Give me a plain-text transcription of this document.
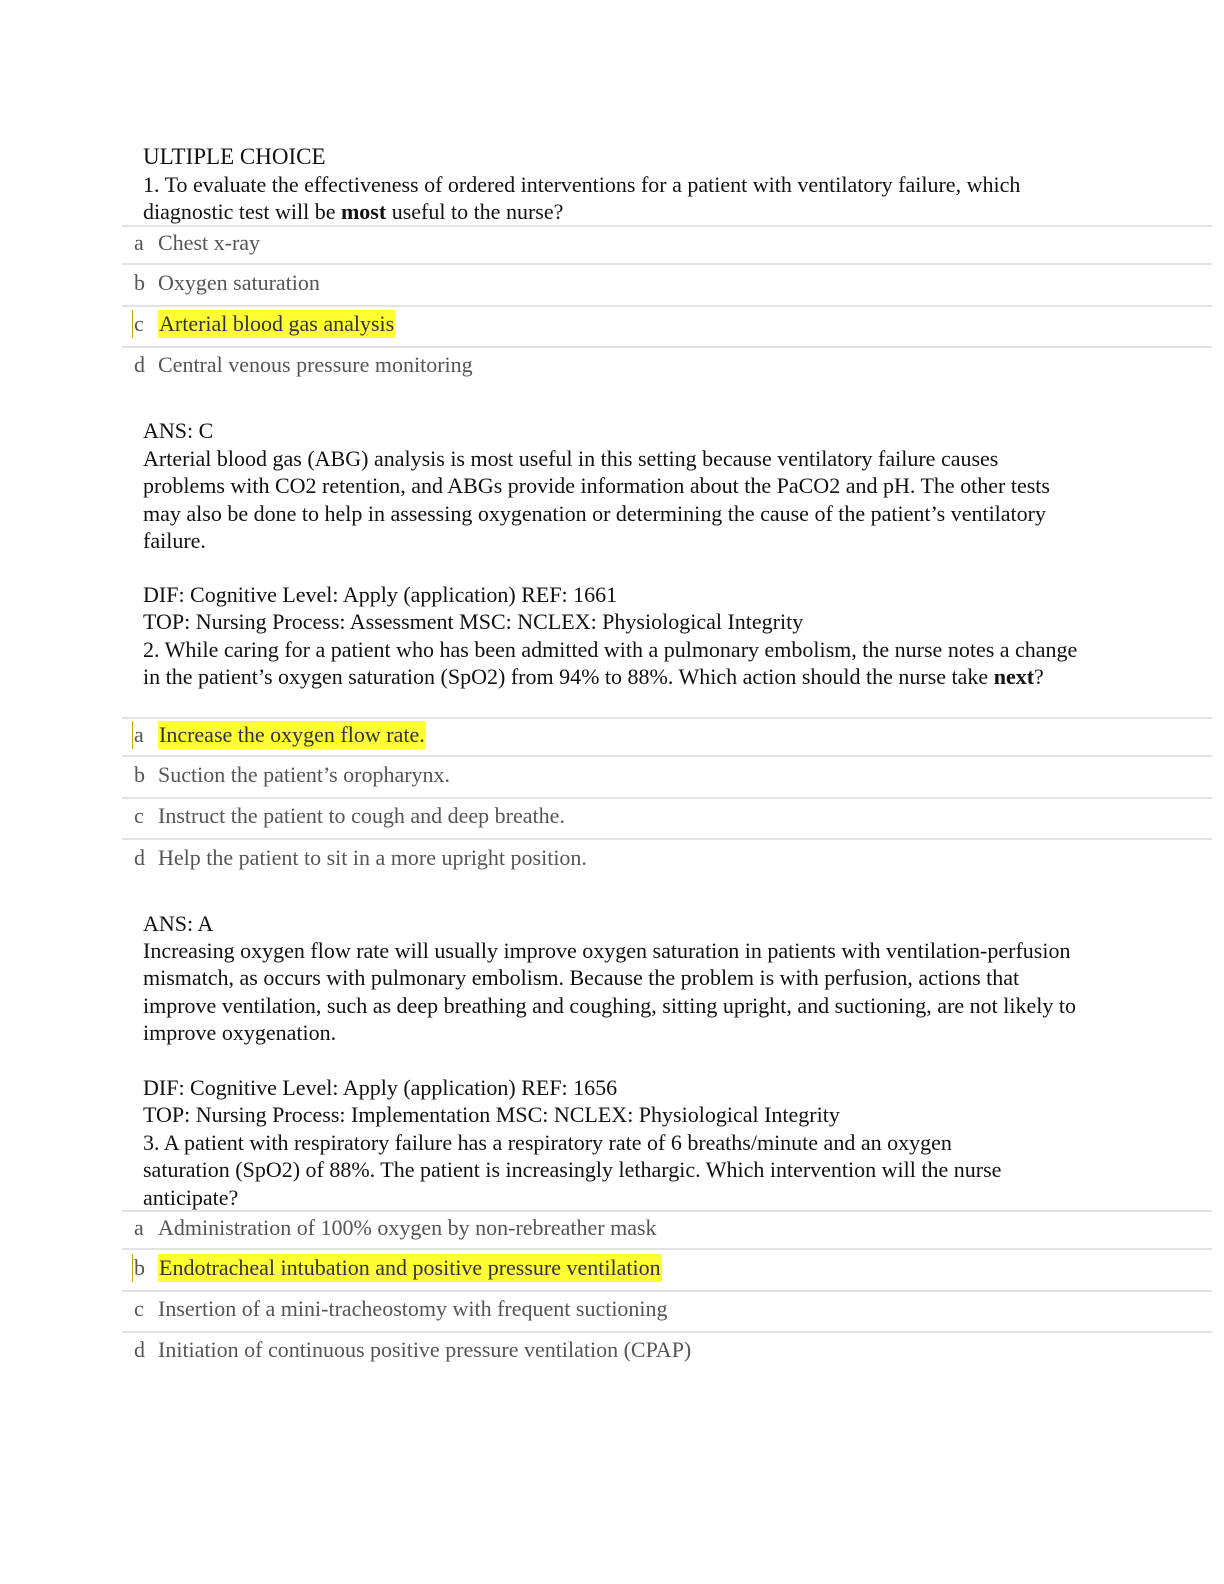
ULTIPLE CHOICE
1. To evaluate the effectiveness of ordered interventions for a patient with ventilatory failure, which diagnostic test will be most useful to the nurse?
a Chest x-ray
b Oxygen saturation
c Arterial blood gas analysis
d Central venous pressure monitoring
ANS: C
Arterial blood gas (ABG) analysis is most useful in this setting because ventilatory failure causes problems with CO2 retention, and ABGs provide information about the PaCO2 and pH. The other tests may also be done to help in assessing oxygenation or determining the cause of the patient’s ventilatory failure.
DIF: Cognitive Level: Apply (application) REF: 1661
TOP: Nursing Process: Assessment MSC: NCLEX: Physiological Integrity
2. While caring for a patient who has been admitted with a pulmonary embolism, the nurse notes a change in the patient’s oxygen saturation (SpO2) from 94% to 88%. Which action should the nurse take next?
a Increase the oxygen flow rate.
b Suction the patient’s oropharynx.
c Instruct the patient to cough and deep breathe.
d Help the patient to sit in a more upright position.
ANS: A
Increasing oxygen flow rate will usually improve oxygen saturation in patients with ventilation-perfusion mismatch, as occurs with pulmonary embolism. Because the problem is with perfusion, actions that improve ventilation, such as deep breathing and coughing, sitting upright, and suctioning, are not likely to improve oxygenation.
DIF: Cognitive Level: Apply (application) REF: 1656
TOP: Nursing Process: Implementation MSC: NCLEX: Physiological Integrity
3. A patient with respiratory failure has a respiratory rate of 6 breaths/minute and an oxygen saturation (SpO2) of 88%. The patient is increasingly lethargic. Which intervention will the nurse anticipate?
a Administration of 100% oxygen by non-rebreather mask
b Endotracheal intubation and positive pressure ventilation
c Insertion of a mini-tracheostomy with frequent suctioning
d Initiation of continuous positive pressure ventilation (CPAP)
